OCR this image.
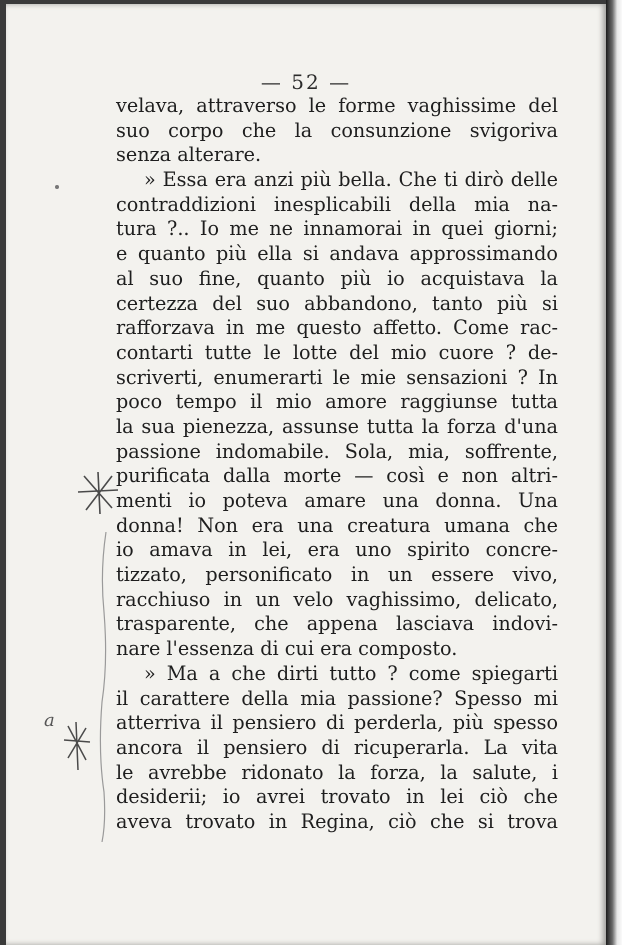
— 52 —
velava, attraverso le forme vaghissime del
suo corpo che la consunzione svigoriva
senza alterare.
» Essa era anzi più bella. Che ti dirò delle
contraddizioni inesplicabili della mia na-
tura ?.. Io me ne innamorai in quei giorni;
e quanto più ella si andava approssimando
al suo fine, quanto più io acquistava la
certezza del suo abbandono, tanto più si
rafforzava in me questo affetto. Come rac-
contarti tutte le lotte del mio cuore ? de-
scriverti, enumerarti le mie sensazioni ? In
poco tempo il mio amore raggiunse tutta
la sua pienezza, assunse tutta la forza d'una
passione indomabile. Sola, mia, soffrente,
purificata dalla morte — così e non altri-
menti io poteva amare una donna. Una
donna! Non era una creatura umana che
io amava in lei, era uno spirito concre-
tizzato, personificato in un essere vivo,
racchiuso in un velo vaghissimo, delicato,
trasparente, che appena lasciava indovi-
nare l'essenza di cui era composto.
» Ma a che dirti tutto ? come spiegarti
il carattere della mia passione? Spesso mi
atterriva il pensiero di perderla, più spesso
ancora il pensiero di ricuperarla. La vita
le avrebbe ridonato la forza, la salute, i
desiderii; io avrei trovato in lei ciò che
aveva trovato in Regina, ciò che si trova
a
